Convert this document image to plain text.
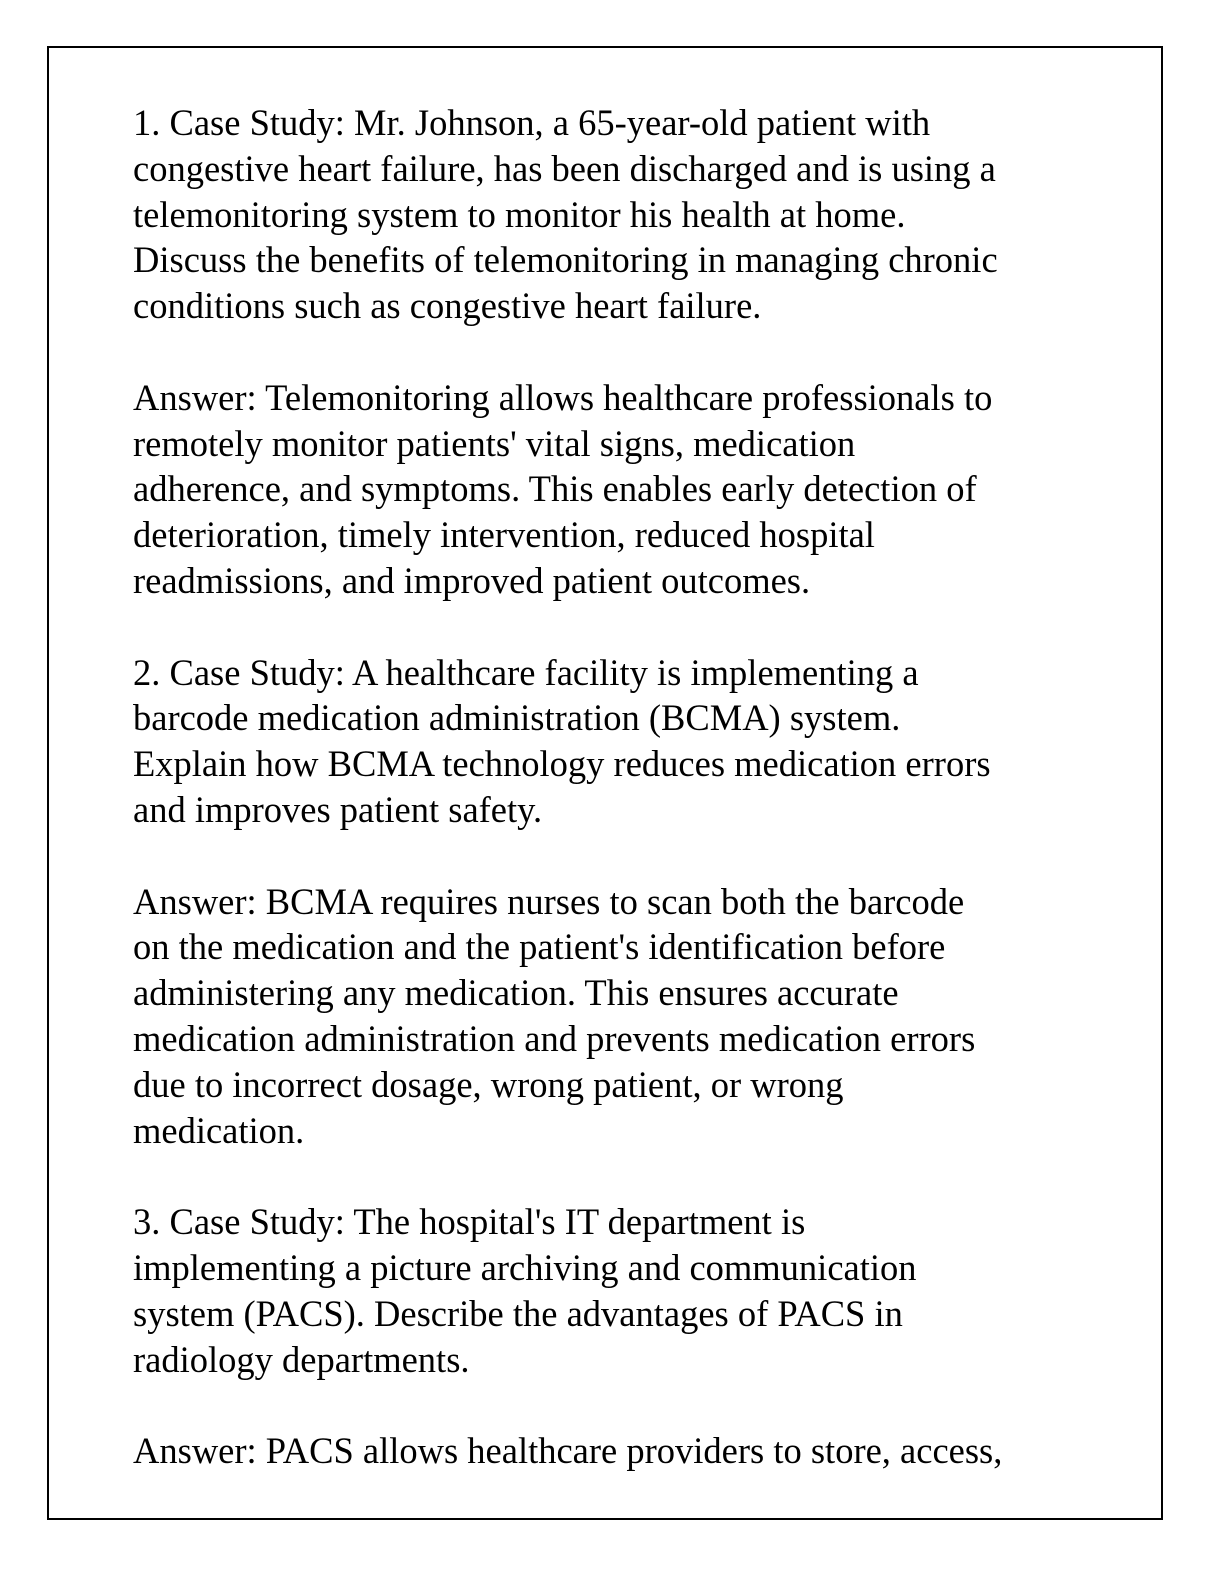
1. Case Study: Mr. Johnson, a 65-year-old patient with
congestive heart failure, has been discharged and is using a
telemonitoring system to monitor his health at home.
Discuss the benefits of telemonitoring in managing chronic
conditions such as congestive heart failure.

Answer: Telemonitoring allows healthcare professionals to
remotely monitor patients' vital signs, medication
adherence, and symptoms. This enables early detection of
deterioration, timely intervention, reduced hospital
readmissions, and improved patient outcomes.

2. Case Study: A healthcare facility is implementing a
barcode medication administration (BCMA) system.
Explain how BCMA technology reduces medication errors
and improves patient safety.

Answer: BCMA requires nurses to scan both the barcode
on the medication and the patient's identification before
administering any medication. This ensures accurate
medication administration and prevents medication errors
due to incorrect dosage, wrong patient, or wrong
medication.

3. Case Study: The hospital's IT department is
implementing a picture archiving and communication
system (PACS). Describe the advantages of PACS in
radiology departments.

Answer: PACS allows healthcare providers to store, access,
